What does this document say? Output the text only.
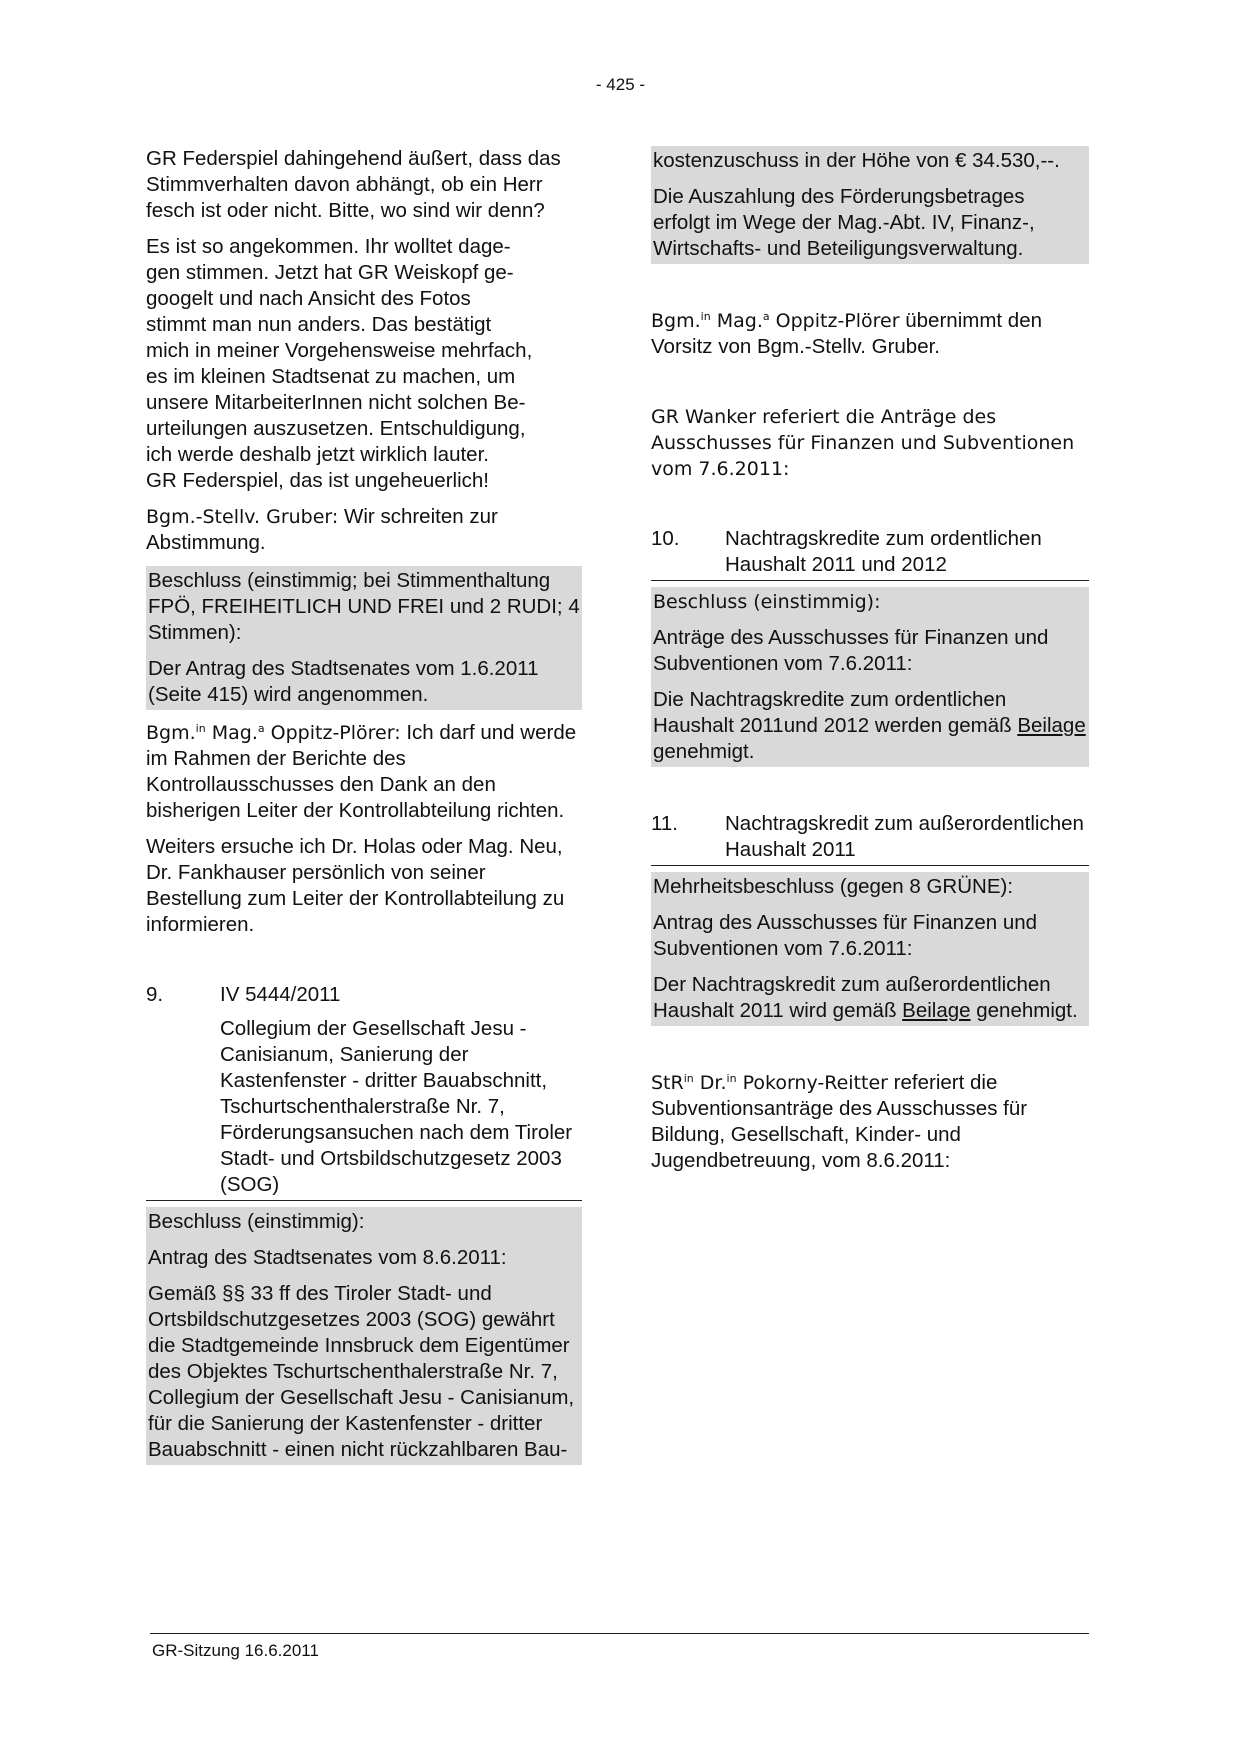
- 425 -

GR Federspiel dahingehend äußert, dass das Stimmverhalten davon abhängt, ob ein Herr fesch ist oder nicht. Bitte, wo sind wir denn?

Es ist so angekommen. Ihr wolltet dage-
gen stimmen. Jetzt hat GR Weiskopf ge-
googelt und nach Ansicht des Fotos
stimmt man nun anders. Das bestätigt
mich in meiner Vorgehensweise mehrfach,
es im kleinen Stadtsenat zu machen, um
unsere MitarbeiterInnen nicht solchen Be-
urteilungen auszusetzen. Entschuldigung,
ich werde deshalb jetzt wirklich lauter.
GR Federspiel, das ist ungeheuerlich!

Bgm.-Stellv. Gruber: Wir schreiten zur Abstimmung.

Beschluss (einstimmig; bei Stimmenthaltung FPÖ, FREIHEITLICH UND FREI und 2 RUDI; 4 Stimmen):

Der Antrag des Stadtsenates vom 1.6.2011 (Seite 415) wird angenommen.

Bgm.$^{in}$ Mag.$^a$ Oppitz-Plörer: Ich darf und werde im Rahmen der Berichte des Kontrollausschusses den Dank an den bisherigen Leiter der Kontrollabteilung richten.

Weiters ersuche ich Dr. Holas oder Mag. Neu, Dr. Fankhauser persönlich von seiner Bestellung zum Leiter der Kontrollabteilung zu informieren.

9.	IV 5444/2011
Collegium der Gesellschaft Jesu - Canisianum, Sanierung der Kastenfenster - dritter Bauabschnitt, Tschurtschenthalerstraße Nr. 7, Förderungsansuchen nach dem Tiroler Stadt- und Ortsbildschutzgesetz 2003 (SOG)

Beschluss (einstimmig):

Antrag des Stadtsenates vom 8.6.2011:

Gemäß §§ 33 ff des Tiroler Stadt- und Ortsbildschutzgesetzes 2003 (SOG) gewährt die Stadtgemeinde Innsbruck dem Eigentümer des Objektes Tschurtschenthalerstraße Nr. 7, Collegium der Gesellschaft Jesu - Canisianum, für die Sanierung der Kastenfenster - dritter Bauabschnitt - einen nicht rückzahlbaren Bau-

kostenzuschuss in der Höhe von € 34.530,--.

Die Auszahlung des Förderungsbetrages erfolgt im Wege der Mag.-Abt. IV, Finanz-, Wirtschafts- und Beteiligungsverwaltung.

Bgm.$^{in}$ Mag.$^a$ Oppitz-Plörer übernimmt den Vorsitz von Bgm.-Stellv. Gruber.

GR Wanker referiert die Anträge des Ausschusses für Finanzen und Subventionen vom 7.6.2011:

10.	Nachtragskredite zum ordentlichen Haushalt 2011 und 2012

Beschluss (einstimmig):

Anträge des Ausschusses für Finanzen und Subventionen vom 7.6.2011:

Die Nachtragskredite zum ordentlichen Haushalt 2011und 2012 werden gemäß Beilage genehmigt.

11.	Nachtragskredit zum außerordentlichen Haushalt 2011

Mehrheitsbeschluss (gegen 8 GRÜNE):

Antrag des Ausschusses für Finanzen und Subventionen vom 7.6.2011:

Der Nachtragskredit zum außerordentlichen Haushalt 2011 wird gemäß Beilage genehmigt.

StR$^{in}$ Dr.$^{in}$ Pokorny-Reitter referiert die Subventionsanträge des Ausschusses für Bildung, Gesellschaft, Kinder- und Jugendbetreuung, vom 8.6.2011:

GR-Sitzung 16.6.2011
